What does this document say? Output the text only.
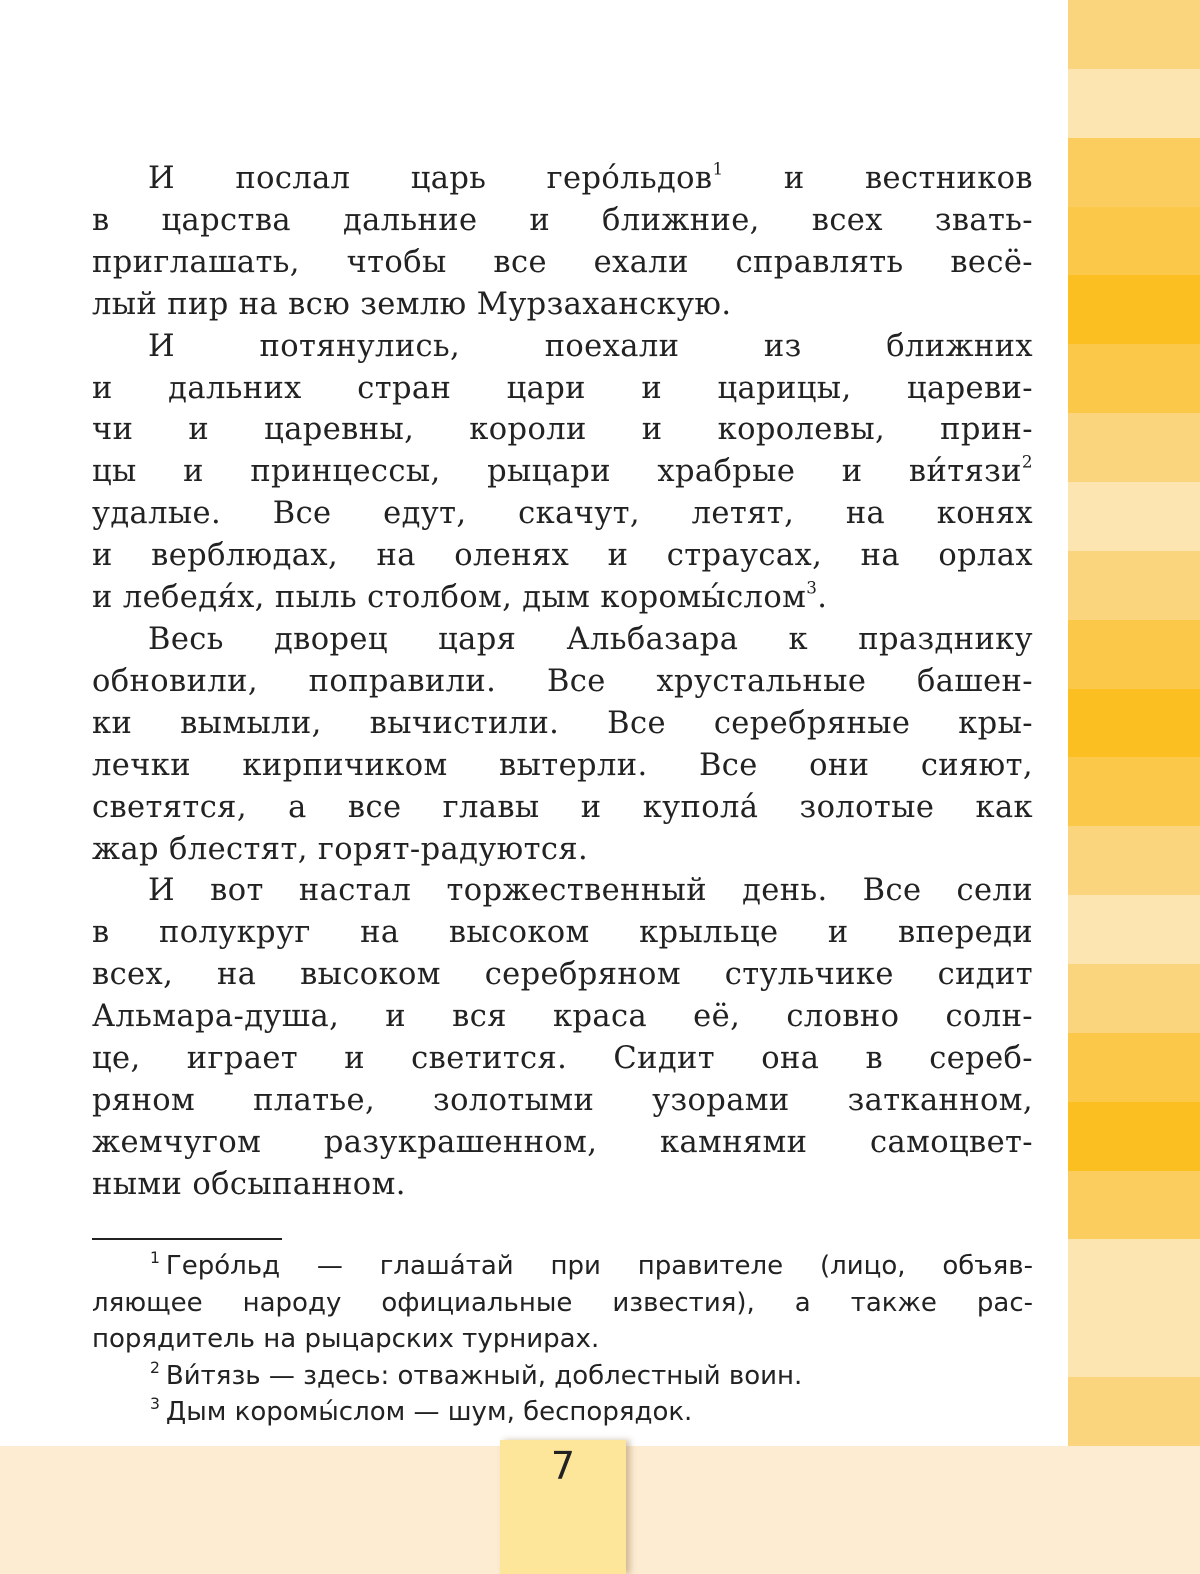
7
И послал царь геро́льдов$^1$ и вестников
в царства дальние и ближние, всех звать-
приглашать, чтобы все ехали справлять весё-
лый пир на всю землю Мурзаханскую.
И потянулись, поехали из ближних
и дальних стран цари и царицы, цареви-
чи и царевны, короли и королевы, прин-
цы и принцессы, рыцари храбрые и ви́тязи$^2$
удалые. Все едут, скачут, летят, на конях
и верблюдах, на оленях и страусах, на орлах
и лебедя́х, пыль столбом, дым коромы́слом$^3$.
Весь дворец царя Альбазара к празднику
обновили, поправили. Все хрустальные башен-
ки вымыли, вычистили. Все серебряные кры-
лечки кирпичиком вытерли. Все они сияют,
светятся, а все главы и купола́ золотые как
жар блестят, горят-радуются.
И вот настал торжественный день. Все сели
в полукруг на высоком крыльце и впереди
всех, на высоком серебряном стульчике сидит
Альмара-душа, и вся краса её, словно солн-
це, играет и светится. Сидит она в сереб-
ряном платье, золотыми узорами затканном,
жемчугом разукрашенном, камнями самоцвет-
ными обсыпанном.
$^1$ Геро́льд — глаша́тай при правителе (лицо, объяв-
ляющее народу официальные известия), а также рас-
порядитель на рыцарских турнирах.
$^2$ Ви́тязь — здесь: отважный, доблестный воин.
$^3$ Дым коромы́слом — шум, беспорядок.
